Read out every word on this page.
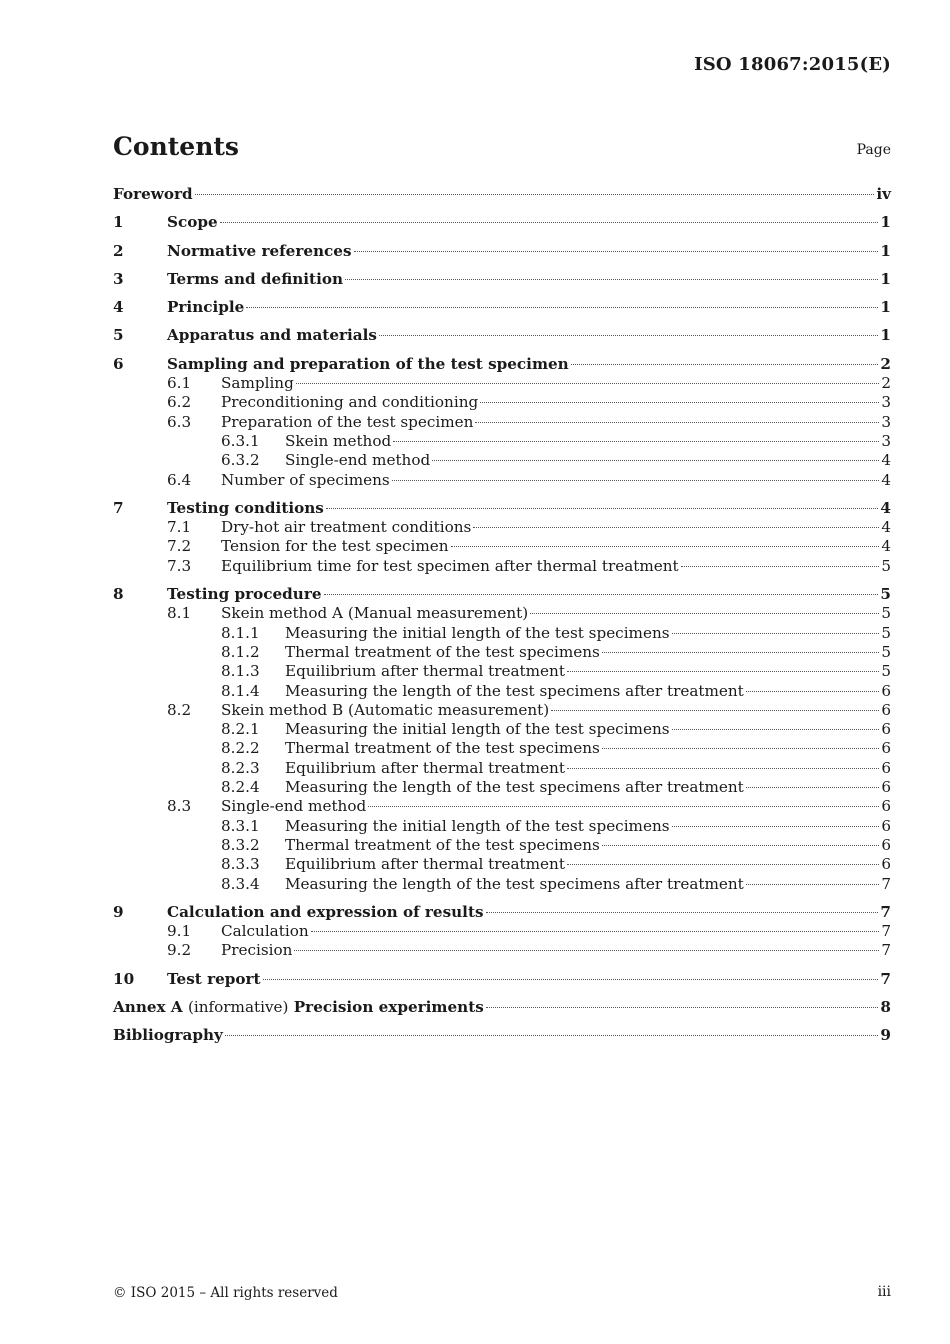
ISO 18067:2015(E)
Contents	Page
Foreword	iv
1	Scope	1
2	Normative references	1
3	Terms and definition	1
4	Principle	1
5	Apparatus and materials	1
6	Sampling and preparation of the test specimen	2
6.1 Sampling	2
6.2 Preconditioning and conditioning	3
6.3 Preparation of the test specimen	3
6.3.1 Skein method	3
6.3.2 Single-end method	4
6.4 Number of specimens	4
7	Testing conditions	4
7.1 Dry-hot air treatment conditions	4
7.2 Tension for the test specimen	4
7.3 Equilibrium time for test specimen after thermal treatment	5
8	Testing procedure	5
8.1 Skein method A (Manual measurement)	5
8.1.1 Measuring the initial length of the test specimens	5
8.1.2 Thermal treatment of the test specimens	5
8.1.3 Equilibrium after thermal treatment	5
8.1.4 Measuring the length of the test specimens after treatment	6
8.2 Skein method B (Automatic measurement)	6
8.2.1 Measuring the initial length of the test specimens	6
8.2.2 Thermal treatment of the test specimens	6
8.2.3 Equilibrium after thermal treatment	6
8.2.4 Measuring the length of the test specimens after treatment	6
8.3 Single-end method	6
8.3.1 Measuring the initial length of the test specimens	6
8.3.2 Thermal treatment of the test specimens	6
8.3.3 Equilibrium after thermal treatment	6
8.3.4 Measuring the length of the test specimens after treatment	7
9	Calculation and expression of results	7
9.1 Calculation	7
9.2 Precision	7
10 Test report	7
Annex A (informative) Precision experiments	8
Bibliography	9
© ISO 2015 – All rights reserved	iii
